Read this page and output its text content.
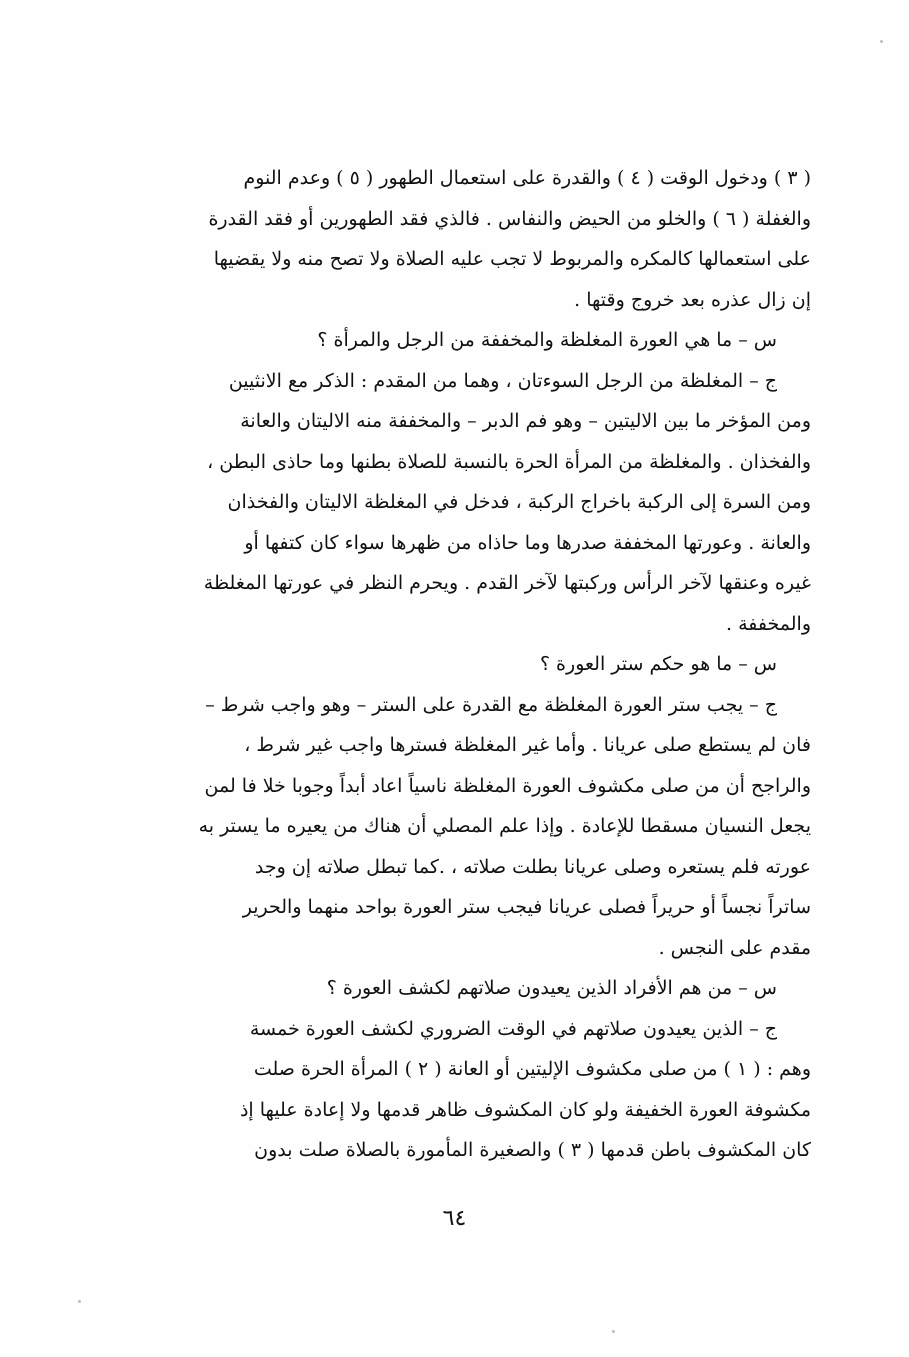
( ٣ ) ودخول الوقت ( ٤ ) والقدرة على استعمال الطهور ( ٥ ) وعدم النوم
والغفلة ( ٦ ) والخلو من الحيض والنفاس . فالذي فقد الطهورين أو فقد القدرة
على استعمالها كالمكره والمربوط لا تجب عليه الصلاة ولا تصح منه ولا يقضيها
إن زال عذره بعد خروج وقتها .
س – ما هي العورة المغلظة والمخففة من الرجل والمرأة ؟
ج – المغلظة من الرجل السوءتان ، وهما من المقدم : الذكر مع الانثيين
ومن المؤخر ما بين الاليتين – وهو فم الدبر – والمخففة منه الاليتان والعانة
والفخذان . والمغلظة من المرأة الحرة بالنسبة للصلاة بطنها وما حاذى البطن ،
ومن السرة إلى الركبة باخراج الركبة ، فدخل في المغلظة الاليتان والفخذان
والعانة . وعورتها المخففة صدرها وما حاذاه من ظهرها سواء كان كتفها أو
غيره وعنقها لآخر الرأس وركبتها لآخر القدم . ويحرم النظر في عورتها المغلظة
والمخففة .
س – ما هو حكم ستر العورة ؟
ج – يجب ستر العورة المغلظة مع القدرة على الستر – وهو واجب شرط –
فان لم يستطع صلى عريانا . وأما غير المغلظة فسترها واجب غير شرط ،
والراجح أن من صلى مكشوف العورة المغلظة ناسياً اعاد أبداً وجوبا خلا فا لمن
يجعل النسيان مسقطا للإعادة . وإذا علم المصلي أن هناك من يعيره ما يستر به
عورته فلم يستعره وصلى عريانا بطلت صلاته ، .كما تبطل صلاته إن وجد
ساتراً نجساً أو حريراً فصلى عريانا فيجب ستر العورة بواحد منهما والحرير
مقدم على النجس .
س – من هم الأفراد الذين يعيدون صلاتهم لكشف العورة ؟
ج – الذين يعيدون صلاتهم في الوقت الضروري لكشف العورة خمسة
وهم : ( ١ ) من صلى مكشوف الإليتين أو العانة ( ٢ ) المرأة الحرة صلت
مكشوفة العورة الخفيفة ولو كان المكشوف ظاهر قدمها ولا إعادة عليها إذ
كان المكشوف باطن قدمها ( ٣ ) والصغيرة المأمورة بالصلاة صلت بدون
٦٤
